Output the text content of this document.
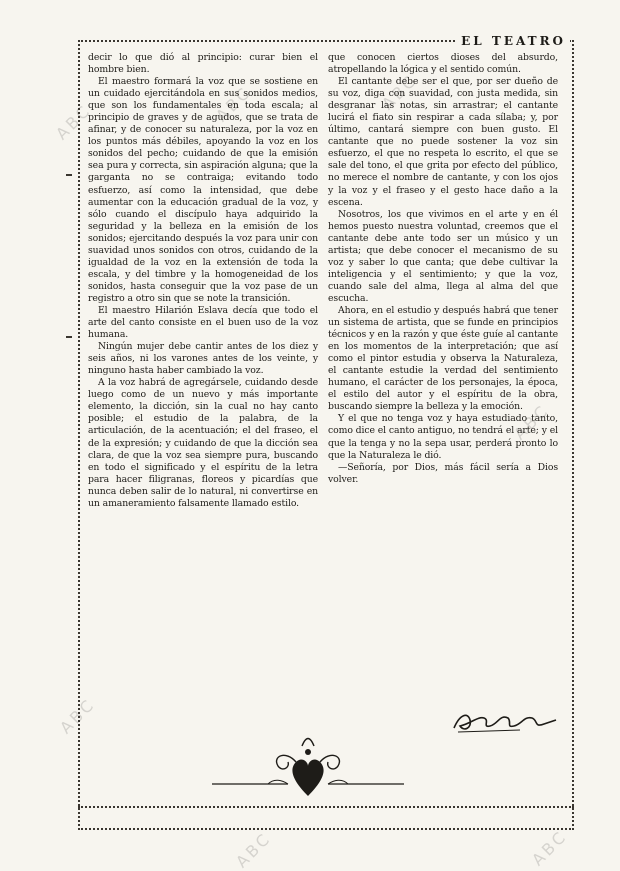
EL TEATRO

decir lo que dió al principio: curar bien el hombre bien.

El maestro formará la voz que se sostiene en un cuidado ejercitándola en sus sonidos medios, que son los fundamentales en toda escala; al principio de graves y de agudos, que se trata de afinar, y de conocer su naturaleza, por la voz en los puntos más débiles, apoyando la voz en los sonidos del pecho; cuidando de que la emisión sea pura y correcta, sin aspiración alguna; que la garganta no se contraiga; evitando todo esfuerzo, así como la intensidad, que debe aumentar con la educación gradual de la voz, y sólo cuando el discípulo haya adquirido la seguridad y la belleza en la emisión de los sonidos; ejercitando después la voz para unir con suavidad unos sonidos con otros, cuidando de la igualdad de la voz en la extensión de toda la escala, y del timbre y la homogeneidad de los sonidos, hasta conseguir que la voz pase de un registro a otro sin que se note la transición.

El maestro Hilarión Eslava decía que todo el arte del canto consiste en el buen uso de la voz humana.

Ningún mujer debe cantir antes de los diez y seis años, ni los varones antes de los veinte, y ninguno hasta haber cambiado la voz.

A la voz habrá de agregársele, cuidando desde luego como de un nuevo y más importante elemento, la dicción, sin la cual no hay canto posible; el estudio de la palabra, de la articulación, de la acentuación; el del fraseo, el de la expresión; y cuidando de que la dicción sea clara, de que la voz sea siempre pura, buscando en todo el significado y el espíritu de la letra para hacer filigranas, floreos y picardías que nunca deben salir de lo natural, ni convertirse en un amaneramiento falsamente llamado estilo.

que conocen ciertos dioses del absurdo, atropellando la lógica y el sentido común.

El cantante debe ser el que, por ser dueño de su voz, diga con suavidad, con justa medida, sin desgranar las notas, sin arrastrar; el cantante lucirá el fiato sin respirar a cada sílaba; y, por último, cantará siempre con buen gusto. El cantante que no puede sostener la voz sin esfuerzo, el que no respeta lo escrito, el que se sale del tono, el que grita por efecto del público, no merece el nombre de cantante, y con los ojos y la voz y el fraseo y el gesto hace daño a la escena.

Nosotros, los que vivimos en el arte y en él hemos puesto nuestra voluntad, creemos que el cantante debe ante todo ser un músico y un artista; que debe conocer el mecanismo de su voz y saber lo que canta; que debe cultivar la inteligencia y el sentimiento; y que la voz, cuando sale del alma, llega al alma del que escucha.

Ahora, en el estudio y después habrá que tener un sistema de artista, que se funde en principios técnicos y en la razón y que éste guíe al cantante en los momentos de la interpretación; que así como el pintor estudia y observa la Naturaleza, el cantante estudie la verdad del sentimiento humano, el carácter de los personajes, la época, el estilo del autor y el espíritu de la obra, buscando siempre la belleza y la emoción.

Y el que no tenga voz y haya estudiado tanto, como dice el canto antiguo, no tendrá el arte; y el que la tenga y no la sepa usar, perderá pronto lo que la Naturaleza le dió.

—Señoría, por Dios, más fácil sería a Dios volver.

ABC	ABC	ABC
ABC
ABC
ABC	ABC
